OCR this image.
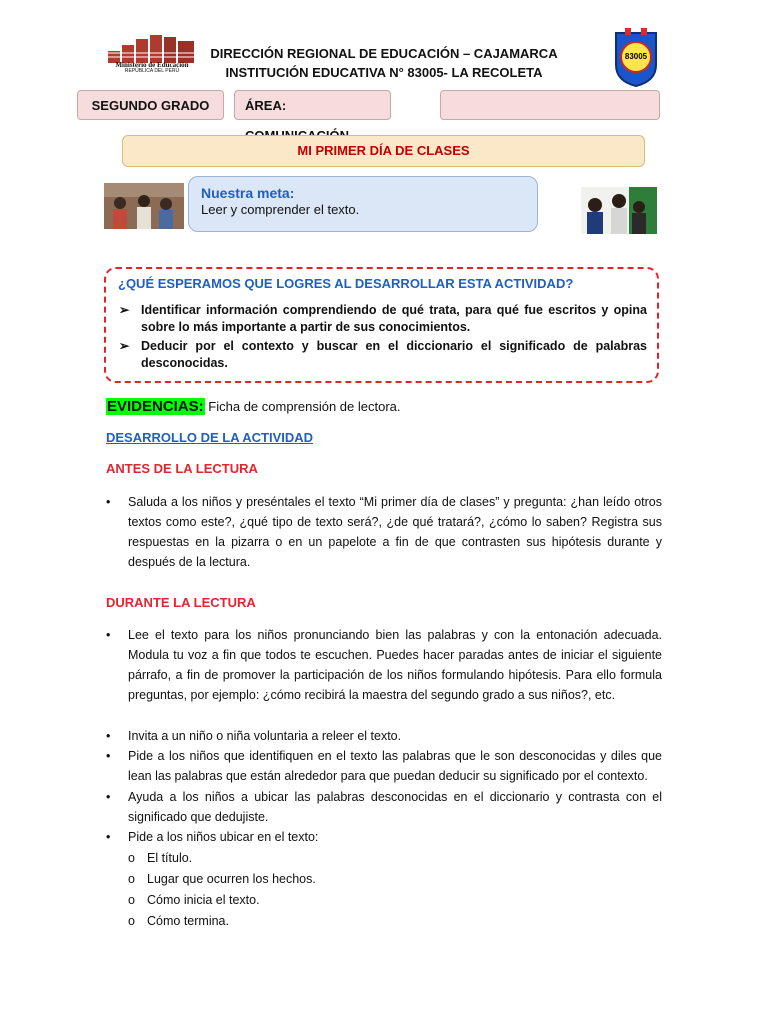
Ministerio de Educación
REPÚBLICA DEL PERÚ
DIRECCIÓN REGIONAL DE EDUCACIÓN – CAJAMARCA
INSTITUCIÓN EDUCATIVA N° 83005- LA RECOLETA
83005
SEGUNDO GRADO	ÁREA:
MI PRIMER DÍA DE CLASES
Nuestra meta:
Leer y comprender el texto.
¿QUÉ ESPERAMOS QUE LOGRES AL DESARROLLAR ESTA ACTIVIDAD?
➢ Identificar información comprendiendo de qué trata, para qué fue escritos y opina sobre lo más importante a partir de sus conocimientos.
➢ Deducir por el contexto y buscar en el diccionario el significado de palabras desconocidas.
EVIDENCIAS: Ficha de comprensión de lectora.
DESARROLLO DE LA ACTIVIDAD
ANTES DE LA LECTURA
• Saluda a los niños y preséntales el texto “Mi primer día de clases” y pregunta: ¿han leído otros textos como este?, ¿qué tipo de texto será?, ¿de qué tratará?, ¿cómo lo saben? Registra sus respuestas en la pizarra o en un papelote a fin de que contrasten sus hipótesis durante y después de la lectura.
DURANTE LA LECTURA
• Lee el texto para los niños pronunciando bien las palabras y con la entonación adecuada. Modula tu voz a fin que todos te escuchen. Puedes hacer paradas antes de iniciar el siguiente párrafo, a fin de promover la participación de los niños formulando hipótesis. Para ello formula preguntas, por ejemplo: ¿cómo recibirá la maestra del segundo grado a sus niños?, etc.
• Invita a un niño o niña voluntaria a releer el texto.
• Pide a los niños que identifiquen en el texto las palabras que le son desconocidas y diles que lean las palabras que están alrededor para que puedan deducir su significado por el contexto.
• Ayuda a los niños a ubicar las palabras desconocidas en el diccionario y contrasta con el significado que dedujiste.
• Pide a los niños ubicar en el texto:
o El título.
o Lugar que ocurren los hechos.
o Cómo inicia el texto.
o Cómo termina.
